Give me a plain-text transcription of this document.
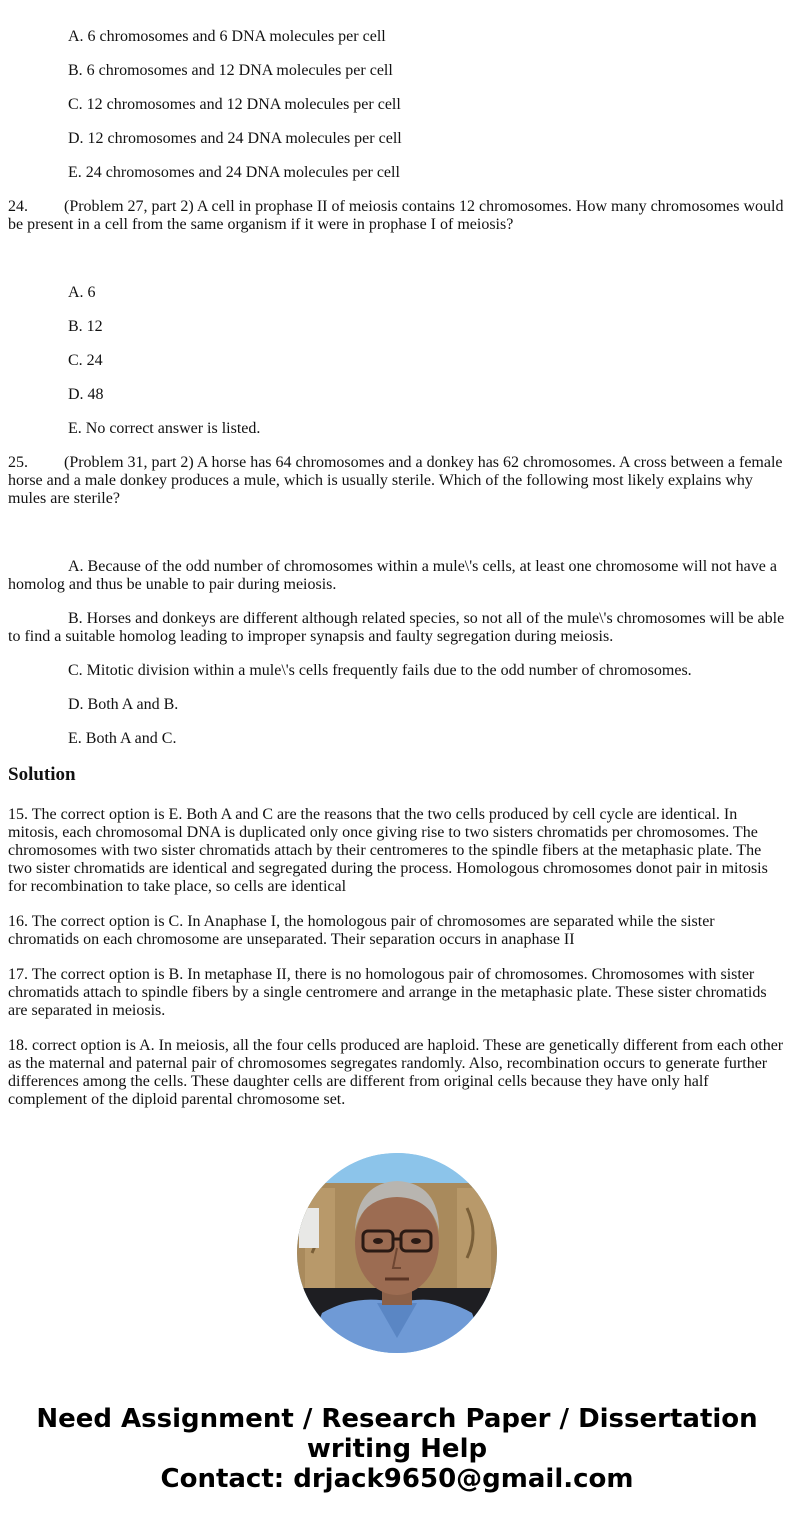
A. 6 chromosomes and 6 DNA molecules per cell

B. 6 chromosomes and 12 DNA molecules per cell

C. 12 chromosomes and 12 DNA molecules per cell

D. 12 chromosomes and 24 DNA molecules per cell

E. 24 chromosomes and 24 DNA molecules per cell

24. (Problem 27, part 2) A cell in prophase II of meiosis contains 12 chromosomes. How many chromosomes would be present in a cell from the same organism if it were in prophase I of meiosis?

A. 6

B. 12

C. 24

D. 48

E. No correct answer is listed.

25. (Problem 31, part 2) A horse has 64 chromosomes and a donkey has 62 chromosomes. A cross between a female horse and a male donkey produces a mule, which is usually sterile. Which of the following most likely explains why mules are sterile?

A. Because of the odd number of chromosomes within a mule\'s cells, at least one chromosome will not have a homolog and thus be unable to pair during meiosis.

B. Horses and donkeys are different although related species, so not all of the mule\'s chromosomes will be able to find a suitable homolog leading to improper synapsis and faulty segregation during meiosis.

C. Mitotic division within a mule\'s cells frequently fails due to the odd number of chromosomes.

D. Both A and B.

E. Both A and C.

Solution

15. The correct option is E. Both A and C are the reasons that the two cells produced by cell cycle are identical. In mitosis, each chromosomal DNA is duplicated only once giving rise to two sisters chromatids per chromosomes. The chromosomes with two sister chromatids attach by their centromeres to the spindle fibers at the metaphasic plate. The two sister chromatids are identical and segregated during the process. Homologous chromosomes donot pair in mitosis for recombination to take place, so cells are identical

16. The correct option is C. In Anaphase I, the homologous pair of chromosomes are separated while the sister chromatids on each chromosome are unseparated. Their separation occurs in anaphase II

17. The correct option is B. In metaphase II, there is no homologous pair of chromosomes. Chromosomes with sister chromatids attach to spindle fibers by a single centromere and arrange in the metaphasic plate. These sister chromatids are separated in meiosis.

18. correct option is A. In meiosis, all the four cells produced are haploid. These are genetically different from each other as the maternal and paternal pair of chromosomes segregates randomly. Also, recombination occurs to generate further differences among the cells. These daughter cells are different from original cells because they have only half complement of the diploid parental chromosome set.

Need Assignment / Research Paper / Dissertation
writing Help
Contact: drjack9650@gmail.com
